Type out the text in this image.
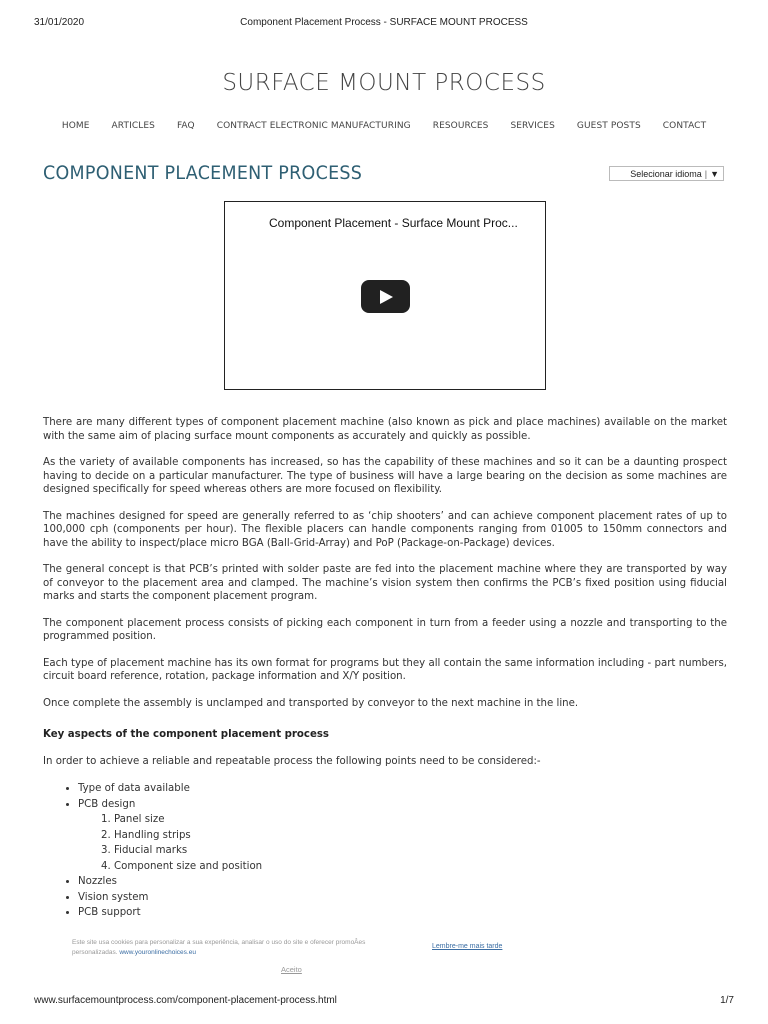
31/01/2020	Component Placement Process - SURFACE MOUNT PROCESS
SURFACE MOUNT PROCESS
HOME	ARTICLES	FAQ	CONTRACT ELECTRONIC MANUFACTURING	RESOURCES	SERVICES	GUEST POSTS	CONTACT
COMPONENT PLACEMENT PROCESS	Selecionar idioma | ▼
Component Placement - Surface Mount Proc...

There are many different types of component placement machine (also known as pick and place machines) available on the market with the same aim of placing surface mount components as accurately and quickly as possible.

As the variety of available components has increased, so has the capability of these machines and so it can be a daunting prospect having to decide on a particular manufacturer. The type of business will have a large bearing on the decision as some machines are designed specifically for speed whereas others are more focused on flexibility.

The machines designed for speed are generally referred to as ‘chip shooters’ and can achieve component placement rates of up to 100,000 cph (components per hour). The flexible placers can handle components ranging from 01005 to 150mm connectors and have the ability to inspect/place micro BGA (Ball-Grid-Array) and PoP (Package-on-Package) devices.

The general concept is that PCB’s printed with solder paste are fed into the placement machine where they are transported by way of conveyor to the placement area and clamped. The machine’s vision system then confirms the PCB’s fixed position using fiducial marks and starts the component placement program.

The component placement process consists of picking each component in turn from a feeder using a nozzle and transporting to the programmed position.

Each type of placement machine has its own format for programs but they all contain the same information including - part numbers, circuit board reference, rotation, package information and X/Y position.

Once complete the assembly is unclamped and transported by conveyor to the next machine in the line.

Key aspects of the component placement process

In order to achieve a reliable and repeatable process the following points need to be considered:-

• Type of data available
• PCB design
1. Panel size
2. Handling strips
3. Fiducial marks
4. Component size and position
• Nozzles
• Vision system
• PCB support
Este site usa cookies para personalizar a sua experiência, analisar o uso do site e oferecer promoÂes personalizadas. www.youronlinechoices.eu
Lembre-me mais tarde
Aceito
www.surfacemountprocess.com/component-placement-process.html	1/7
